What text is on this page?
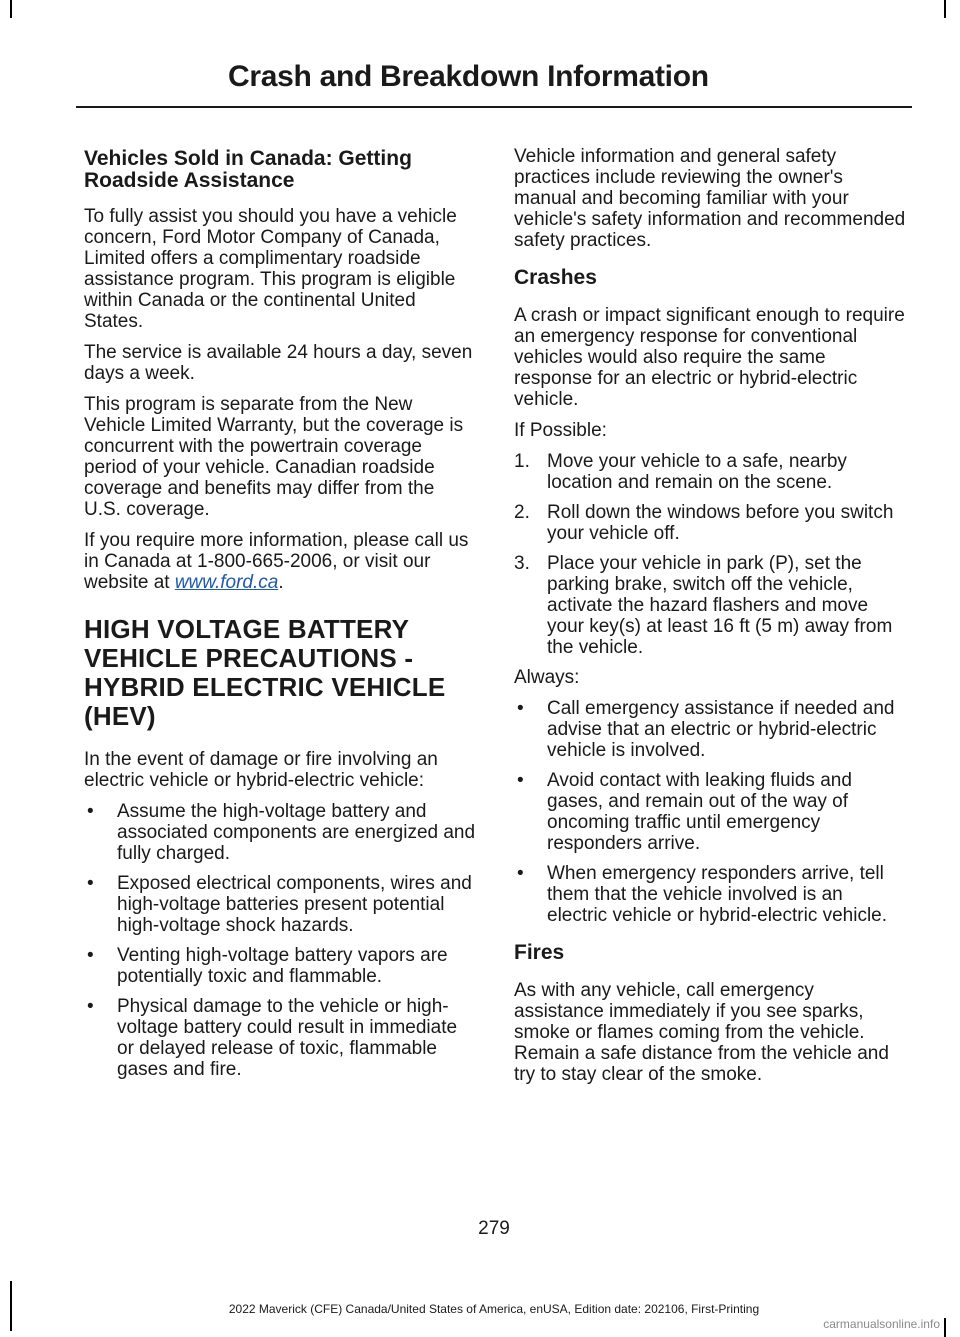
Crash and Breakdown Information
Vehicles Sold in Canada: Getting Roadside Assistance

To fully assist you should you have a vehicle concern, Ford Motor Company of Canada, Limited offers a complimentary roadside assistance program. This program is eligible within Canada or the continental United States.

The service is available 24 hours a day, seven days a week.

This program is separate from the New Vehicle Limited Warranty, but the coverage is concurrent with the powertrain coverage period of your vehicle. Canadian roadside coverage and benefits may differ from the U.S. coverage.

If you require more information, please call us in Canada at 1-800-665-2006, or visit our website at www.ford.ca.

HIGH VOLTAGE BATTERY VEHICLE PRECAUTIONS - HYBRID ELECTRIC VEHICLE (HEV)

In the event of damage or fire involving an electric vehicle or hybrid-electric vehicle:

• Assume the high-voltage battery and associated components are energized and fully charged.
• Exposed electrical components, wires and high-voltage batteries present potential high-voltage shock hazards.
• Venting high-voltage battery vapors are potentially toxic and flammable.
• Physical damage to the vehicle or high-voltage battery could result in immediate or delayed release of toxic, flammable gases and fire.

Vehicle information and general safety practices include reviewing the owner's manual and becoming familiar with your vehicle's safety information and recommended safety practices.

Crashes

A crash or impact significant enough to require an emergency response for conventional vehicles would also require the same response for an electric or hybrid-electric vehicle.

If Possible:

1. Move your vehicle to a safe, nearby location and remain on the scene.
2. Roll down the windows before you switch your vehicle off.
3. Place your vehicle in park (P), set the parking brake, switch off the vehicle, activate the hazard flashers and move your key(s) at least 16 ft (5 m) away from the vehicle.

Always:

• Call emergency assistance if needed and advise that an electric or hybrid-electric vehicle is involved.
• Avoid contact with leaking fluids and gases, and remain out of the way of oncoming traffic until emergency responders arrive.
• When emergency responders arrive, tell them that the vehicle involved is an electric vehicle or hybrid-electric vehicle.
Fires

As with any vehicle, call emergency assistance immediately if you see sparks, smoke or flames coming from the vehicle. Remain a safe distance from the vehicle and try to stay clear of the smoke.

279

2022 Maverick (CFE) Canada/United States of America, enUSA, Edition date: 202106, First-Printing

carmanualsonline.info
